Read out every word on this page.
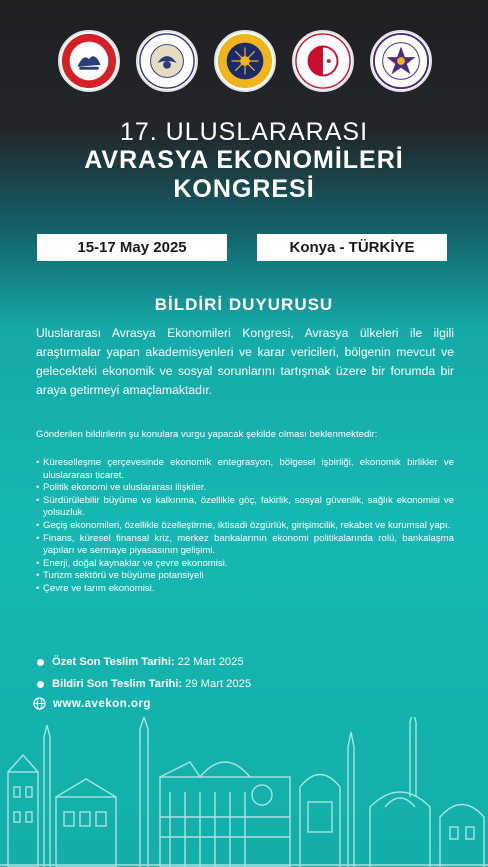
17. ULUSLARARASI
AVRASYA EKONOMİLERİ
KONGRESİ
15-17 May 2025	Konya - TÜRKİYE
BİLDİRİ DUYURUSU

Uluslararası Avrasya Ekonomileri Kongresi, Avrasya ülkeleri ile ilgili araştırmalar yapan akademisyenleri ve karar vericileri, bölgenin mevcut ve gelecekteki ekonomik ve sosyal sorunlarını tartışmak üzere bir forumda bir araya getirmeyi amaçlamaktadır.

Gönderilen bildirilerin şu konulara vurgu yapacak şekilde olması beklenmektedir:

• Küreselleşme çerçevesinde ekonomik entegrasyon, bölgesel işbirliği, ekonomik birlikler ve uluslararası ticaret.
• Politik ekonomi ve uluslararası ilişkiler.
• Sürdürülebilir büyüme ve kalkınma, özellikle göç, fakirlik, sosyal güvenlik, sağlık ekonomisi ve yolsuzluk.
• Geçiş ekonomileri, özellikle özelleştirme, iktisadi özgürlük, girişimcilik, rekabet ve kurumsal yapı.
• Finans, küresel finansal kriz, merkez bankalarının ekonomi politikalarında rolü, bankalaşma yapıları ve sermaye piyasasının gelişimi.
• Enerji, doğal kaynaklar ve çevre ekonomisi.
• Turizm sektörü ve büyüme potansiyeli
• Çevre ve tarım ekonomisi.
Özet Son Teslim Tarihi: 22 Mart 2025
Bildiri Son Teslim Tarihi: 29 Mart 2025
www.avekon.org
